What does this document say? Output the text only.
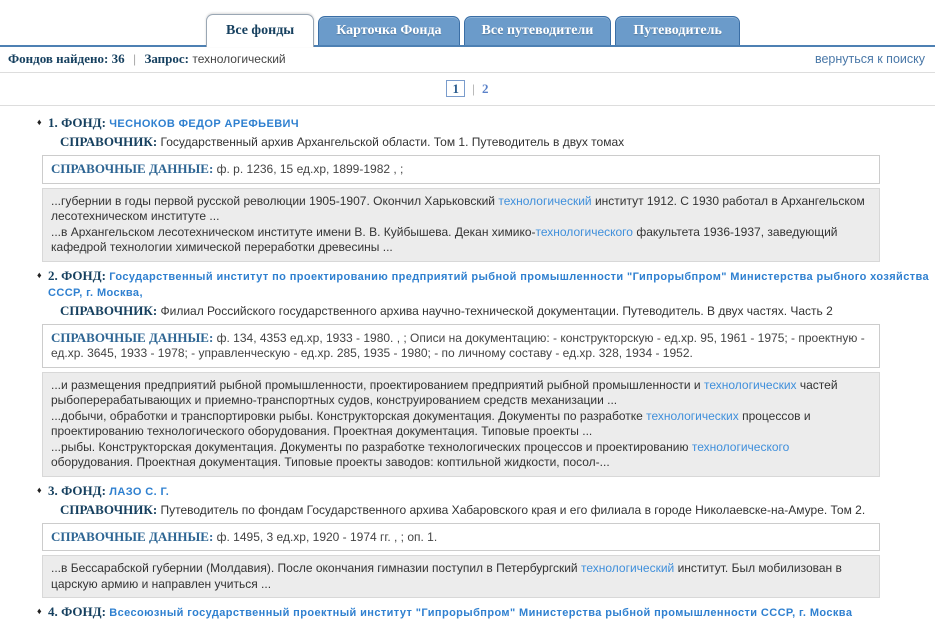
Все фонды	Карточка Фонда	Все путеводители	Путеводитель
Фондов найдено: 36 | Запрос: технологический	вернуться к поиску
1 | 2
♦ 1. ФОНД: ЧЕСНОКОВ ФЕДОР АРЕФЬЕВИЧ
СПРАВОЧНИК: Государственный архив Архангельской области. Том 1. Путеводитель в двух томах
СПРАВОЧНЫЕ ДАННЫЕ: ф. р. 1236, 15 ед.хр, 1899-1982 , ;
...губернии в годы первой русской революции 1905-1907. Окончил Харьковский технологический институт 1912. С 1930 работал в Архангельском лесотехническом институте ...
...в Архангельском лесотехническом институте имени В. В. Куйбышева. Декан химико-технологического факультета 1936-1937, заведующий кафедрой технологии химической переработки древесины ...
♦ 2. ФОНД: Государственный институт по проектированию предприятий рыбной промышленности "Гипрорыбпром" Министерства рыбного хозяйства СССР, г. Москва,
СПРАВОЧНИК: Филиал Российского государственного архива научно-технической документации. Путеводитель. В двух частях. Часть 2
СПРАВОЧНЫЕ ДАННЫЕ: ф. 134, 4353 ед.хр, 1933 - 1980. , ; Описи на документацию: - конструкторскую - ед.хр. 95, 1961 - 1975; - проектную - ед.хр. 3645, 1933 - 1978; - управленческую - ед.хр. 285, 1935 - 1980; - по личному составу - ед.хр. 328, 1934 - 1952.
...и размещения предприятий рыбной промышленности, проектированием предприятий рыбной промышленности и технологических частей рыбоперерабатывающих и приемно-транспортных судов, конструированием средств механизации ...
...добычи, обработки и транспортировки рыбы. Конструкторская документация. Документы по разработке технологических процессов и проектированию технологического оборудования. Проектная документация. Типовые проекты ...
...рыбы. Конструкторская документация. Документы по разработке технологических процессов и проектированию технологического оборудования. Проектная документация. Типовые проекты заводов: коптильной жидкости, посол-...
♦ 3. ФОНД: ЛАЗО С. Г.
СПРАВОЧНИК: Путеводитель по фондам Государственного архива Хабаровского края и его филиала в городе Николаевске-на-Амуре. Том 2.
СПРАВОЧНЫЕ ДАННЫЕ: ф. 1495, 3 ед.хр, 1920 - 1974 гг. , ; оп. 1.
...в Бессарабской губернии (Молдавия). После окончания гимназии поступил в Петербургский технологический институт. Был мобилизован в царскую армию и направлен учиться ...
♦ 4. ФОНД: Всесоюзный государственный проектный институт "Гипрорыбпром" Министерства рыбной промышленности СССР, г. Москва
